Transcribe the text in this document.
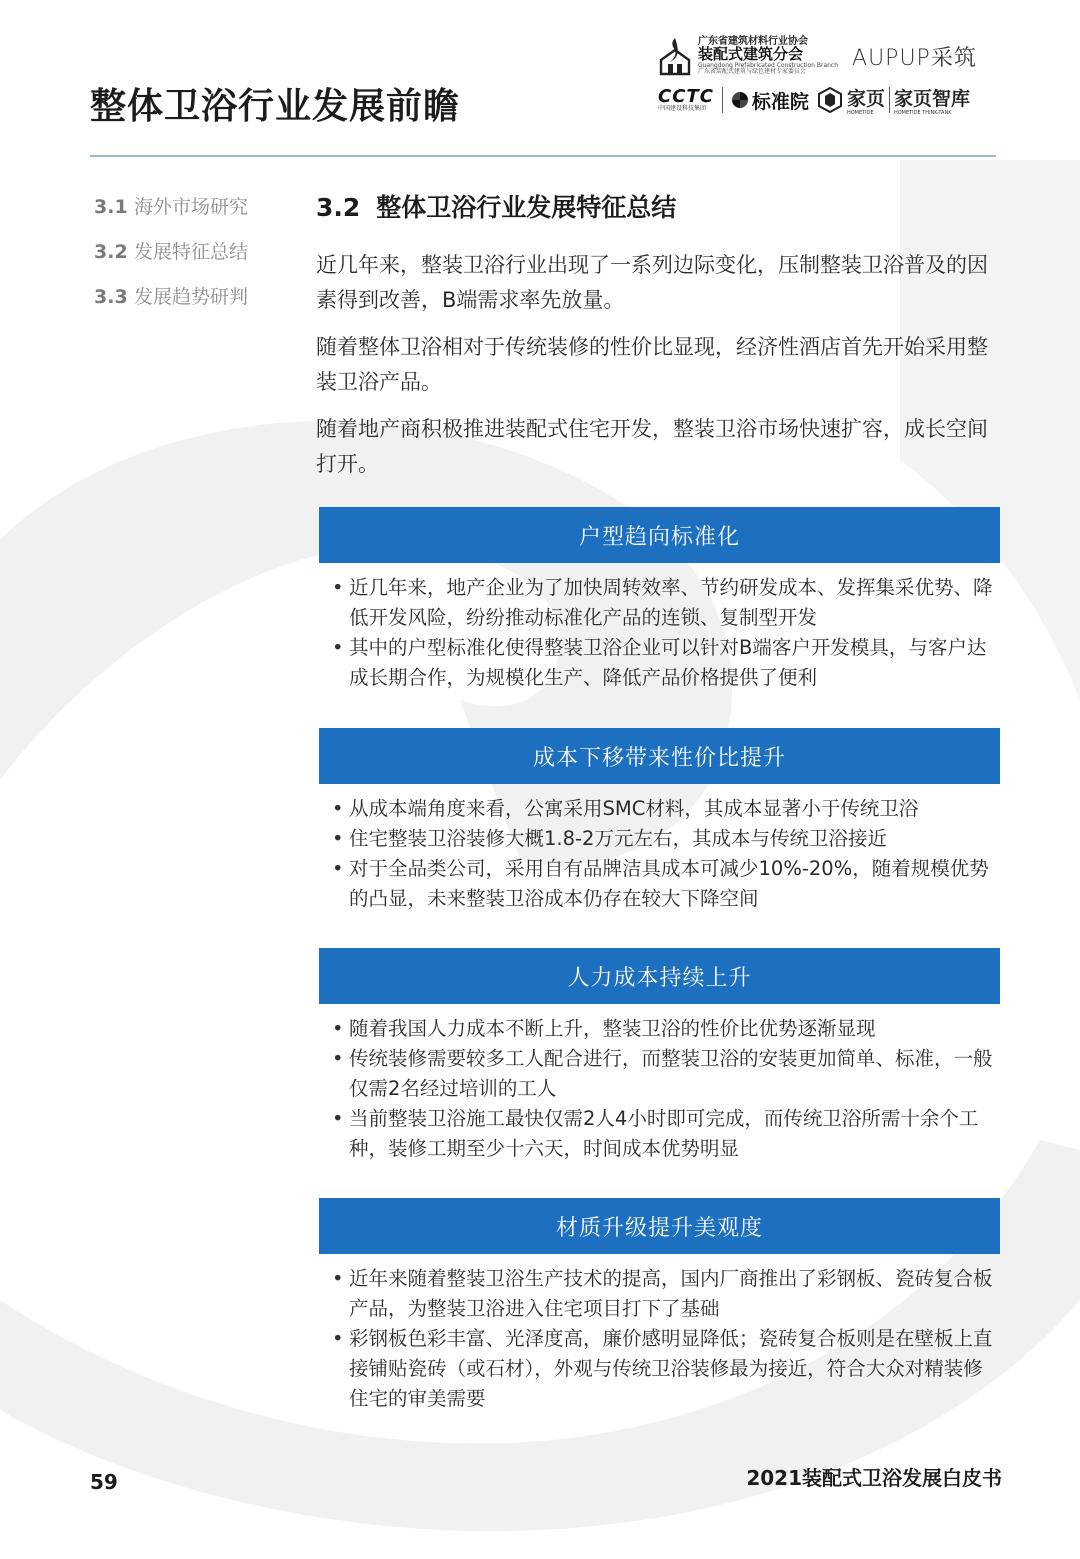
整体卫浴行业发展前瞻
广东省建筑材料行业协会
装配式建筑分会
Guangdong Prefabricated Construction Branch
广东省装配式建筑与绿色建材专家委员会
AUPUP采筑
CCTC
中国建设科技集团	标准院 家页
HOMETIDE
家页智库
HOMETIDE THINK-TANK
3.1 海外市场研究
3.2 发展特征总结
3.3 发展趋势研判
3.2 整体卫浴行业发展特征总结

近几年来，整装卫浴行业出现了一系列边际变化，压制整装卫浴普及的因素得到改善，B端需求率先放量。

随着整体卫浴相对于传统装修的性价比显现，经济性酒店首先开始采用整装卫浴产品。

随着地产商积极推进装配式住宅开发，整装卫浴市场快速扩容，成长空间打开。

户型趋向标准化
• 近几年来，地产企业为了加快周转效率、节约研发成本、发挥集采优势、降低开发风险，纷纷推动标准化产品的连锁、复制型开发
• 其中的户型标准化使得整装卫浴企业可以针对B端客户开发模具，与客户达成长期合作，为规模化生产、降低产品价格提供了便利
成本下移带来性价比提升
• 从成本端角度来看，公寓采用SMC材料，其成本显著小于传统卫浴
• 住宅整装卫浴装修大概1.8-2万元左右，其成本与传统卫浴接近
• 对于全品类公司，采用自有品牌洁具成本可减少10%-20%，随着规模优势的凸显，未来整装卫浴成本仍存在较大下降空间
人力成本持续上升
• 随着我国人力成本不断上升，整装卫浴的性价比优势逐渐显现
• 传统装修需要较多工人配合进行，而整装卫浴的安装更加简单、标准，一般仅需2名经过培训的工人
• 当前整装卫浴施工最快仅需2人4小时即可完成，而传统卫浴所需十余个工种，装修工期至少十六天，时间成本优势明显
材质升级提升美观度
• 近年来随着整装卫浴生产技术的提高，国内厂商推出了彩钢板、瓷砖复合板产品，为整装卫浴进入住宅项目打下了基础
• 彩钢板色彩丰富、光泽度高，廉价感明显降低；瓷砖复合板则是在壁板上直接铺贴瓷砖（或石材），外观与传统卫浴装修最为接近，符合大众对精装修住宅的审美需要
59	2021装配式卫浴发展白皮书
